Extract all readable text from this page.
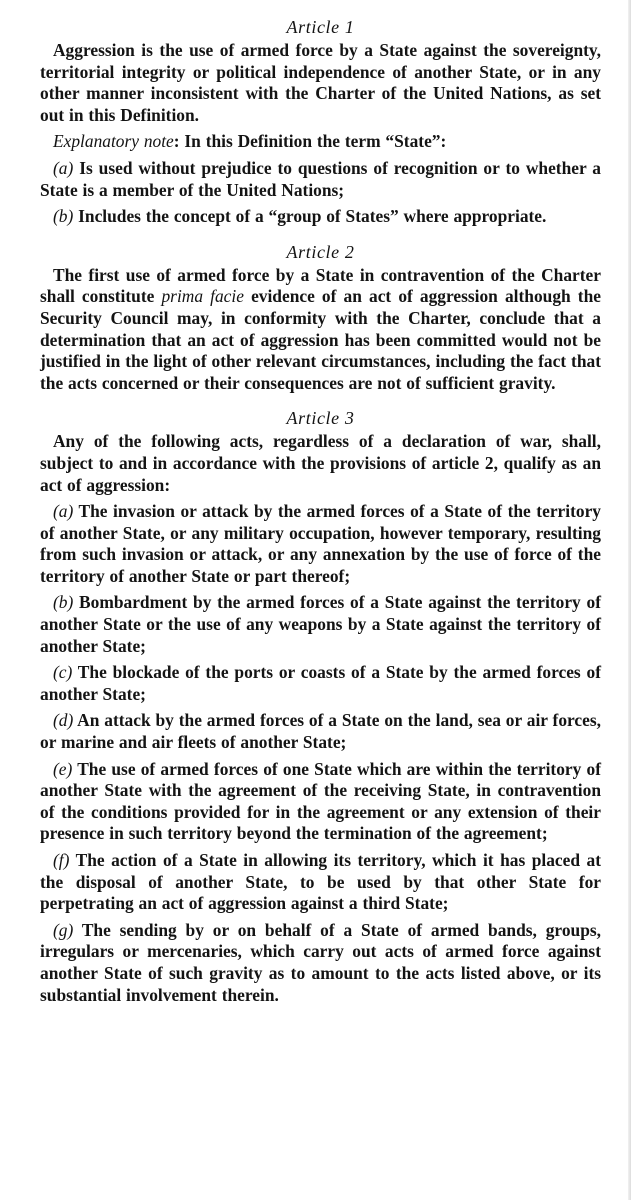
Article 1

Aggression is the use of armed force by a State against the sovereignty, territorial integrity or political independence of another State, or in any other manner inconsistent with the Charter of the United Nations, as set out in this Definition.

Explanatory note: In this Definition the term “State”:

(a) Is used without prejudice to questions of recognition or to whether a State is a member of the United Nations;

(b) Includes the concept of a “group of States” where appropriate.

Article 2

The first use of armed force by a State in contravention of the Charter shall constitute prima facie evidence of an act of aggression although the Security Council may, in conformity with the Charter, conclude that a determination that an act of aggression has been committed would not be justified in the light of other relevant circumstances, including the fact that the acts concerned or their consequences are not of sufficient gravity.

Article 3

Any of the following acts, regardless of a declaration of war, shall, subject to and in accordance with the provisions of article 2, qualify as an act of aggression:

(a) The invasion or attack by the armed forces of a State of the territory of another State, or any military occupation, however temporary, resulting from such invasion or attack, or any annexation by the use of force of the territory of another State or part thereof;

(b) Bombardment by the armed forces of a State against the territory of another State or the use of any weapons by a State against the territory of another State;

(c) The blockade of the ports or coasts of a State by the armed forces of another State;

(d) An attack by the armed forces of a State on the land, sea or air forces, or marine and air fleets of another State;

(e) The use of armed forces of one State which are within the territory of another State with the agreement of the receiving State, in contravention of the conditions provided for in the agreement or any extension of their presence in such territory beyond the termination of the agreement;

(f) The action of a State in allowing its territory, which it has placed at the disposal of another State, to be used by that other State for perpetrating an act of aggression against a third State;

(g) The sending by or on behalf of a State of armed bands, groups, irregulars or mercenaries, which carry out acts of armed force against another State of such gravity as to amount to the acts listed above, or its substantial involvement therein.
